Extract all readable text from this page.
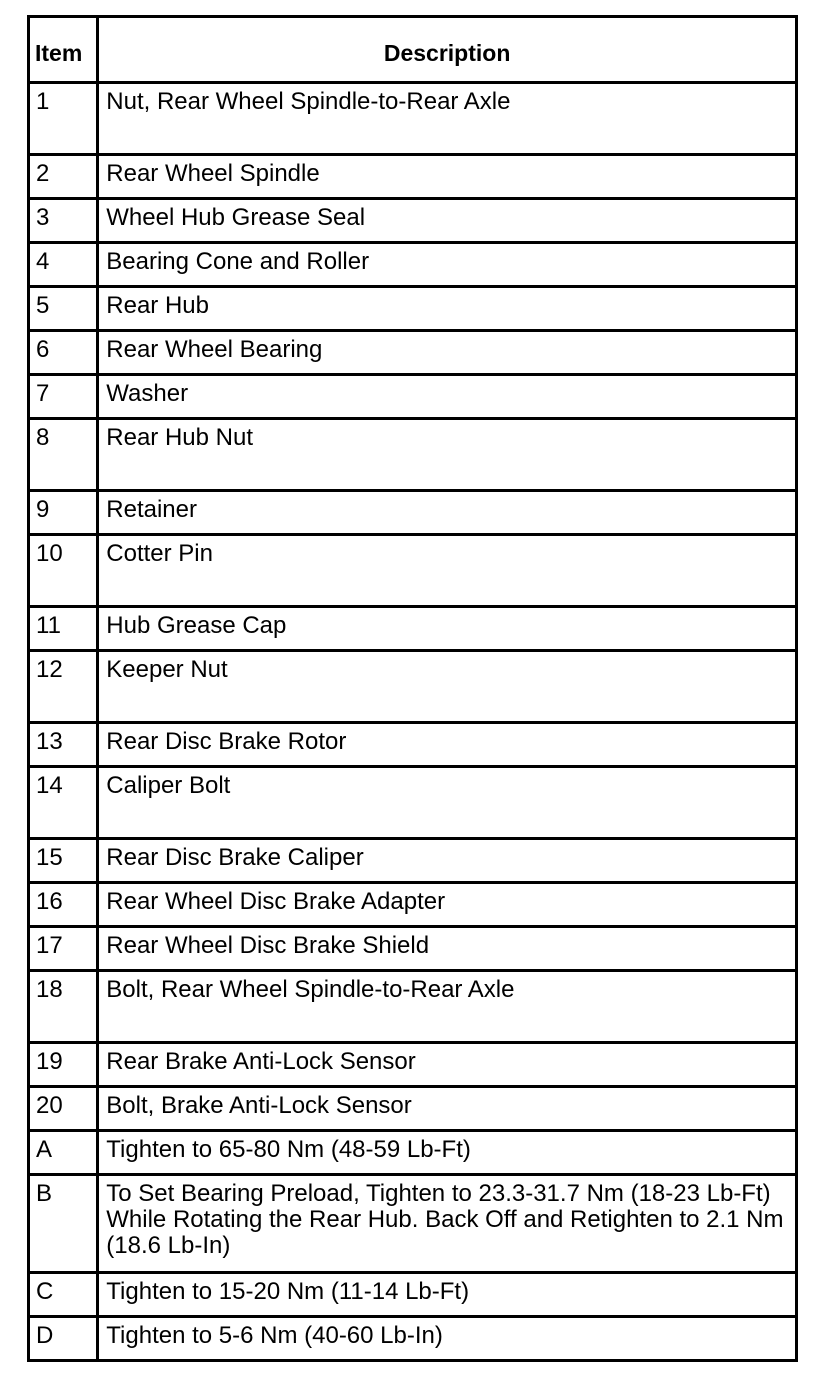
Item	Description
1	Nut, Rear Wheel Spindle-to-Rear Axle
2	Rear Wheel Spindle
3	Wheel Hub Grease Seal
4	Bearing Cone and Roller
5	Rear Hub
6	Rear Wheel Bearing
7	Washer
8	Rear Hub Nut
9	Retainer
10	Cotter Pin
11	Hub Grease Cap
12	Keeper Nut
13	Rear Disc Brake Rotor
14	Caliper Bolt
15	Rear Disc Brake Caliper
16	Rear Wheel Disc Brake Adapter
17	Rear Wheel Disc Brake Shield
18	Bolt, Rear Wheel Spindle-to-Rear Axle
19	Rear Brake Anti-Lock Sensor
20	Bolt, Brake Anti-Lock Sensor
A	Tighten to 65-80 Nm (48-59 Lb-Ft)
B	To Set Bearing Preload, Tighten to 23.3-31.7 Nm (18-23 Lb-Ft) While Rotating the Rear Hub. Back Off and Retighten to 2.1 Nm (18.6 Lb-In)
C	Tighten to 15-20 Nm (11-14 Lb-Ft)
D	Tighten to 5-6 Nm (40-60 Lb-In)
